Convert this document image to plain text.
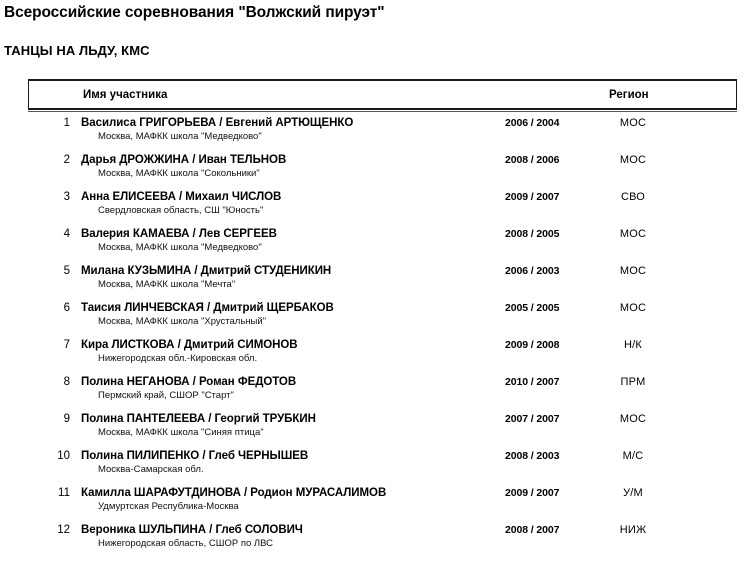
Всероссийские соревнования "Волжский пируэт"
ТАНЦЫ НА ЛЬДУ, КМС
Имя участника	Регион
1 Василиса ГРИГОРЬЕВА / Евгений АРТЮЩЕНКО
Москва, МАФКК школа "Медведково"
2006 / 2004	МОС
2 Дарья ДРОЖЖИНА / Иван ТЕЛЬНОВ
Москва, МАФКК школа "Сокольники"
2008 / 2006	МОС
3 Анна ЕЛИСЕЕВА / Михаил ЧИСЛОВ
Свердловская область, СШ "Юность"
2009 / 2007	СВО
4 Валерия КАМАЕВА / Лев СЕРГЕЕВ
Москва, МАФКК школа "Медведково"
2008 / 2005	МОС
5 Милана КУЗЬМИНА / Дмитрий СТУДЕНИКИН
Москва, МАФКК школа "Мечта"
2006 / 2003	МОС
6 Таисия ЛИНЧЕВСКАЯ / Дмитрий ЩЕРБАКОВ
Москва, МАФКК школа "Хрустальный"
2005 / 2005	МОС
7 Кира ЛИСТКОВА / Дмитрий СИМОНОВ
Нижегородская обл.-Кировская обл.
2009 / 2008	Н/К
8 Полина НЕГАНОВА / Роман ФЕДОТОВ
Пермский край, СШОР "Старт"
2010 / 2007	ПРМ
9 Полина ПАНТЕЛЕЕВА / Георгий ТРУБКИН
Москва, МАФКК школа "Синяя птица"
2007 / 2007	МОС
10 Полина ПИЛИПЕНКО / Глеб ЧЕРНЫШЕВ
Москва-Самарская обл.
2008 / 2003	М/С
11 Камилла ШАРАФУТДИНОВА / Родион МУРАСАЛИМОВ
Удмуртская Республика-Москва
2009 / 2007	У/М
12 Вероника ШУЛЬПИНА / Глеб СОЛОВИЧ
Нижегородская область, СШОР по ЛВС
2008 / 2007	НИЖ
